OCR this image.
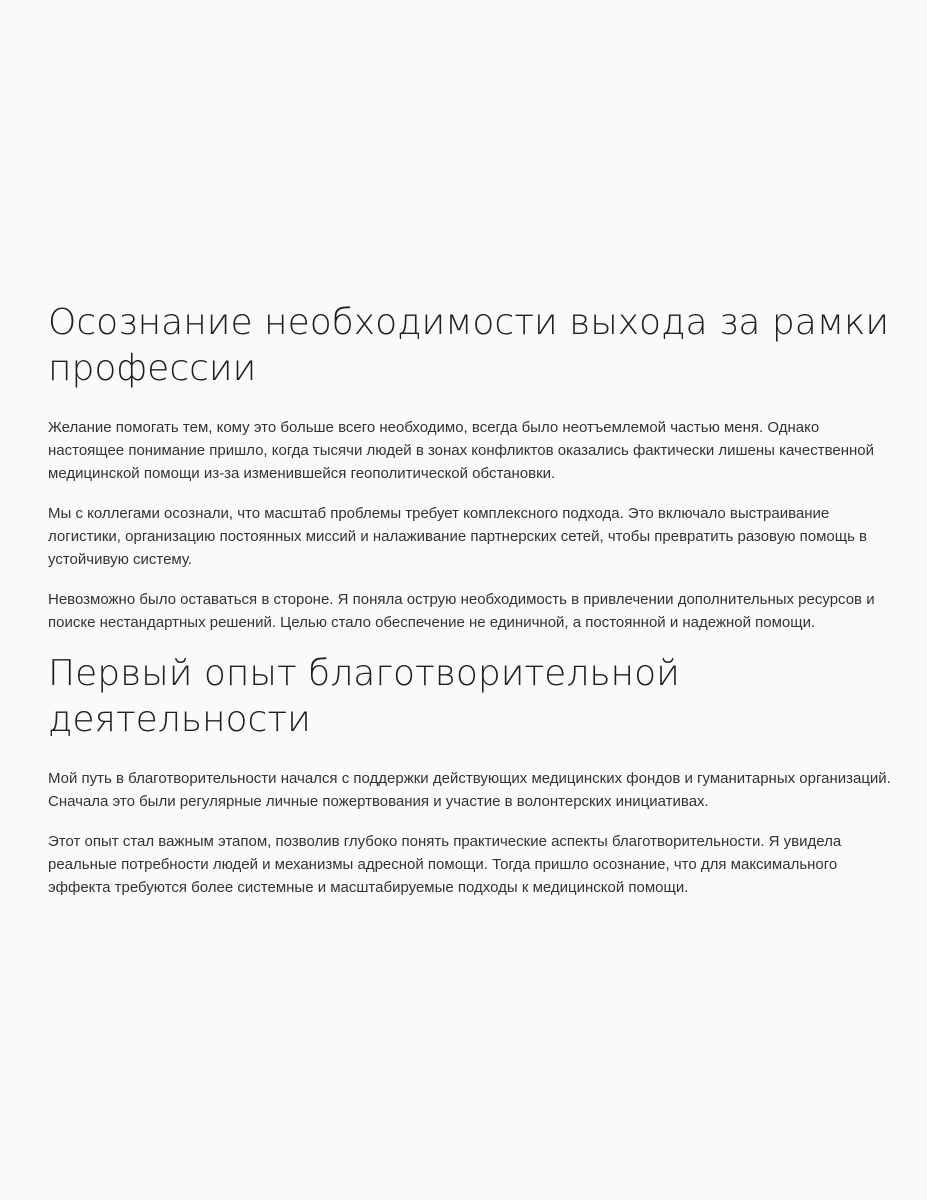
Осознание необходимости выхода за рамки профессии

Желание помогать тем, кому это больше всего необходимо, всегда было неотъемлемой частью меня. Однако настоящее понимание пришло, когда тысячи людей в зонах конфликтов оказались фактически лишены качественной медицинской помощи из-за изменившейся геополитической обстановки.

Мы с коллегами осознали, что масштаб проблемы требует комплексного подхода. Это включало выстраивание логистики, организацию постоянных миссий и налаживание партнерских сетей, чтобы превратить разовую помощь в устойчивую систему.

Невозможно было оставаться в стороне. Я поняла острую необходимость в привлечении дополнительных ресурсов и поиске нестандартных решений. Целью стало обеспечение не единичной, а постоянной и надежной помощи.

Первый опыт благотворительной деятельности

Мой путь в благотворительности начался с поддержки действующих медицинских фондов и гуманитарных организаций. Сначала это были регулярные личные пожертвования и участие в волонтерских инициативах.

Этот опыт стал важным этапом, позволив глубоко понять практические аспекты благотворительности. Я увидела реальные потребности людей и механизмы адресной помощи. Тогда пришло осознание, что для максимального эффекта требуются более системные и масштабируемые подходы к медицинской помощи.
